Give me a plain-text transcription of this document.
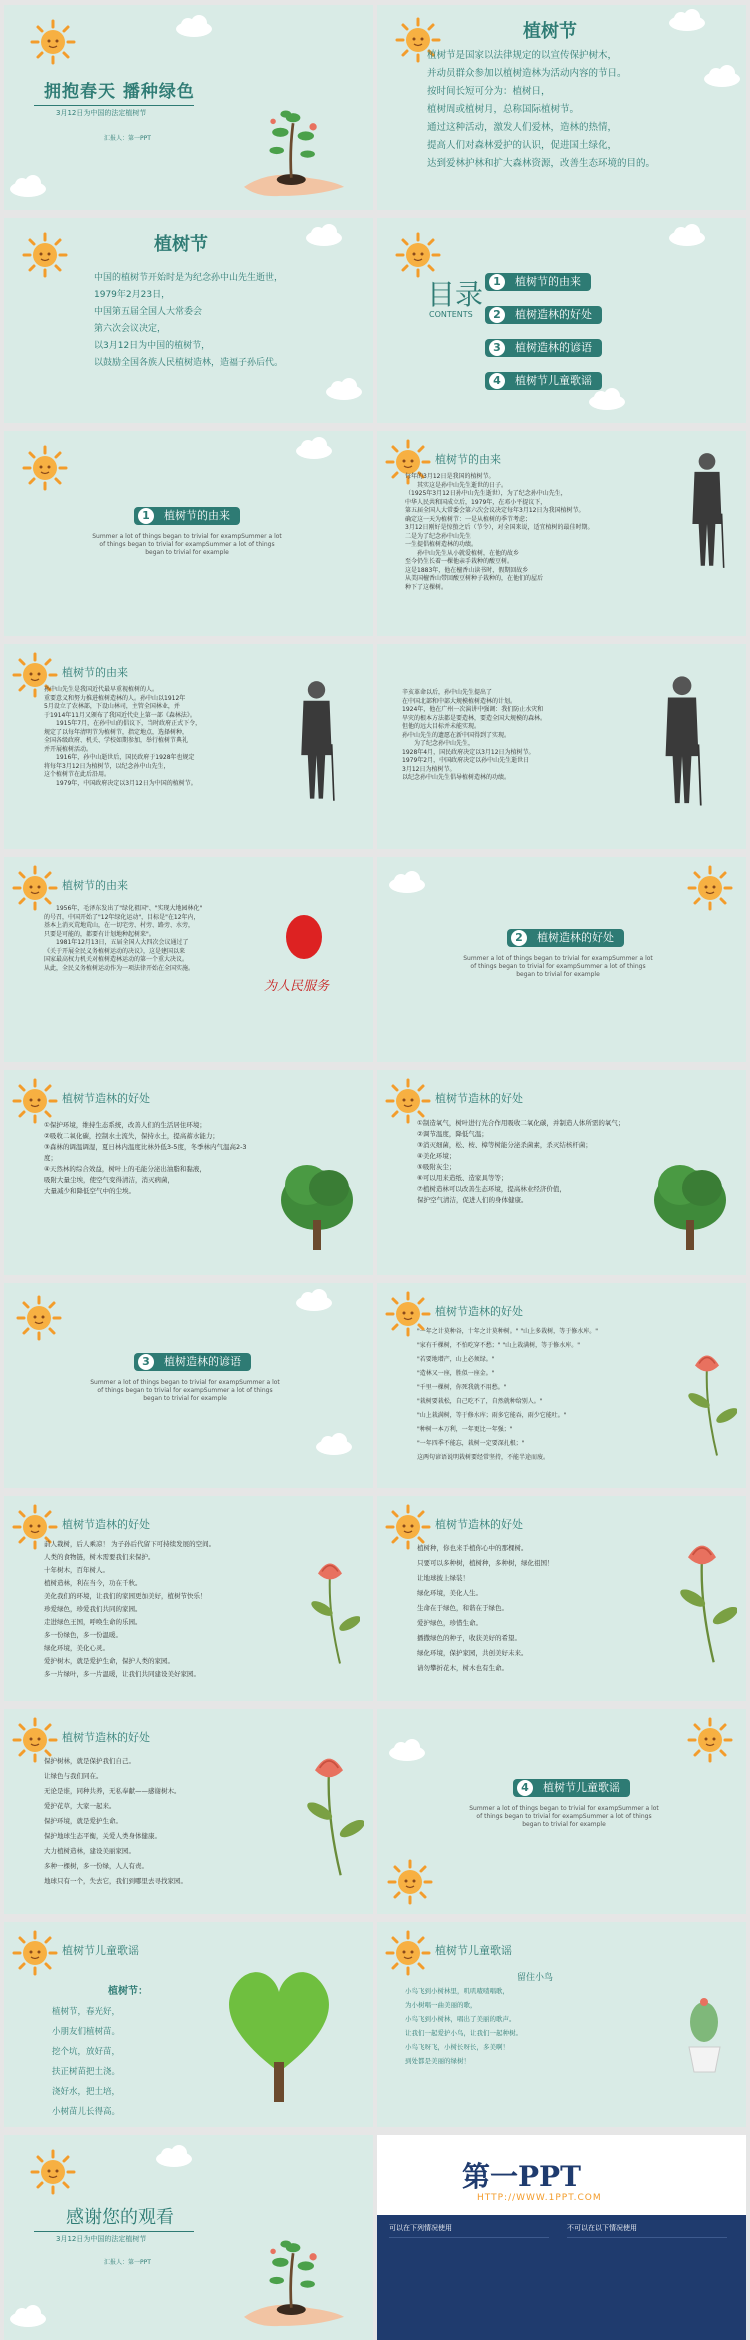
拥抱春天 播种绿色
3月12日为中国的法定植树节
汇报人：第一PPT
植树节
植树节是国家以法律规定的以宣传保护树木，
并动员群众参加以植树造林为活动内容的节日。
按时间长短可分为：植树日，
植树周或植树月，总称国际植树节。
通过这种活动，激发人们爱林，造林的热情，
提高人们对森林爱护的认识，促进国土绿化，
达到爱林护林和扩大森林资源，改善生态环境的目的。
植树节
中国的植树节开始时是为纪念孙中山先生逝世，
1979年2月23日，
中国第五届全国人大常委会
第六次会议决定，
以3月12日为中国的植树节，
以鼓励全国各族人民植树造林，造福子孙后代。
目录
CONTENTS
1	植树节的由来
2	植树造林的好处
3	植树造林的谚语
4	植树节儿童歌谣
1	植树节的由来
Summer a lot of things began to trivial for exampSummer a lot of things began to trivial for exampSummer a lot of things began to trivial for example
植树节的由来
每年的3月12日是我国的植树节。
　　其实这是孙中山先生逝世的日子。
（1925年3月12日孙中山先生逝世），为了纪念孙中山先生，
中华人民共和国成立后，1979年，在邓小平提议下，
第五届全国人大常委会第六次会议决定每年3月12日为我国植树节。
确定这一天为植树节：一是从植树的季节考虑；
3月12日刚好是惊蛰之后（节令），对全国来说，适宜植树的最佳时期。
二是为了纪念孙中山先生
一生提倡植树造林的功绩。
　　孙中山先生从小就爱植树，在他的故乡
至今仍生长着一棵他亲手栽种的酸豆树。
这是1883年，他在檀香山读书时，假期回故乡
从美国檀香山带回酸豆树种子栽种的，在他们的屋后
种下了这棵树。
植树节的由来
孙中山先生是我国近代最早重视植树的人。
重要意义和努力推进植树造林的人。孙中山以1912年
5月设立了农林部，下设山林司，主管全国林业，并
于1914年11月又颁布了我国近代史上第一部《森林法》。
　　1915年7月，在孙中山的倡议下，当时政府正式下令，
规定了以每年清明节为植树节，指定地点，选择树种，
全国各级政府、机关、学校如期参加，举行植树节典礼
并开展植树活动。
　　1916年，孙中山逝世后，国民政府于1928年也规定
将每年3月12日为植树节，以纪念孙中山先生，
这个植树节在此后沿用。
　　1979年，中国政府决定以3月12日为中国的植树节。
辛亥革命以后，孙中山先生提出了
在中国北部和中部大规模植树造林的计划。
1924年，他在广州一次演讲中强调：我们防止水灾和
旱灾的根本方法都是要造林，要造全国大规模的森林。
但他的远大目标并未能实现。
孙中山先生的遗愿在新中国得到了实现。
　　为了纪念孙中山先生，
1928年4月，国民政府决定以3月12日为植树节。
1979年2月，中国政府决定以孙中山先生逝世日
3月12日为植树节。
以纪念孙中山先生倡导植树造林的功绩。
植树节的由来
　　1956年，毛泽东发出了"绿化祖国"、"实现大地园林化"
的号召，中国开始了"12年绿化运动"，目标是"在12年内，
基本上消灭荒地荒山，在一切宅旁、村旁、路旁、水旁，
只要是可能的，都要有计划地种起树来"。
　　1981年12月13日，五届全国人大四次会议通过了
《关于开展全民义务植树运动的决议》，这是建国以来
国家最高权力机关对植树造林运动的第一个重大决议。
从此，全民义务植树运动作为一项法律开始在全国实施。
为人民服务
2	植树造林的好处
Summer a lot of things began to trivial for exampSummer a lot of things began to trivial for exampSummer a lot of things began to trivial for example
植树节造林的好处
①保护环境，维持生态系统，改善人们的生活居住环境；
②吸收二氧化碳，控制水土流失，保持水土，提高蓄水能力；
③森林的调温调湿，夏日林内温度比林外低3-5度，冬季林内气温高2-3度；
④天然林的综合效益，树叶上的毛能分泌出油脂和黏液，
吸附大量尘埃，使空气变得清洁，消灭病菌，
大量减少和降低空气中的尘埃。
植树节造林的好处
①制造氧气，树叶进行光合作用吸收二氧化碳，并制造人体所需的氧气；
②调节温度，降低气温；
③消灭细菌，松、桉、樟等树能分泌杀菌素，杀灭结核杆菌；
④美化环境；
⑤吸附灰尘；
⑥可以用来造纸、造家具等等；
⑦植树造林可以改善生态环境，提高林业经济价值，
保护空气清洁，促进人们的身体健康。
3	植树造林的谚语
Summer a lot of things began to trivial for exampSummer a lot of things began to trivial for exampSummer a lot of things began to trivial for example
植树节造林的好处
"一年之计莫种谷，十年之计莫种树。" "山上多栽树，等于修水库。"
"家有千棵树，不怕吃穿不愁；" "山上栽满树，等于修水库。"
"若要地增产，山上必须绿。"
"造林又一座，胜似一座金。"
"千里一棵树，你死我就不用愁。"
"栽树要栽松，自己吃不了，自然就种给别人。"
"山上栽满树，等于修水库；雨多它能吞，雨少它能吐。"
"种树一本万利，一年更比一年强；"
"一年四季不能忘，栽树一定要深扎根；"
这两句谚语说明栽树要经常坚持，不能半途而废。
植树节造林的好处
前人栽树，后人乘凉！ 为子孙后代留下可持续发展的空间。
人类的食物链，树木需要我们来保护。
十年树木，百年树人。
植树造林，利在当今，功在千秋。
美化我们的环境，让我们的家园更加美好，植树节快乐！
珍爱绿色，珍爱我们共同的家园。
走进绿色王国，呼唤生命的乐园。
多一份绿色，多一份温暖。
绿化环境，美化心灵。
爱护树木，就是爱护生命，保护人类的家园。
多一片绿叶，多一片温暖，让我们共同建设美好家园。
植树节造林的好处
植树种，你也来手植你心中的那棵树。
只要可以多种树，植树种，多种树，绿化祖国！
让地球披上绿装！
绿化环境，美化人生。
生命在于绿色，和谐在于绿色。
爱护绿色，珍惜生命。
播撒绿色的种子，收获美好的希望。
绿化环境，保护家园，共创美好未来。
请勿攀折花木，树木也有生命。
植树节造林的好处
保护树林，就是保护我们自己。
让绿色与我们同在。
无论是谁，同种共养，无私奉献——感谢树木。
爱护花草，大家一起来。
保护环境，就是爱护生命。
保护地球生态平衡，关爱人类身体健康。
大力植树造林，建设美丽家园。
多种一棵树，多一份绿，人人有责。
地球只有一个，失去它，我们到哪里去寻找家园。
4	植树节儿童歌谣
Summer a lot of things began to trivial for exampSummer a lot of things began to trivial for exampSummer a lot of things began to trivial for example
植树节儿童歌谣
植树节：
植树节，春光好，
小朋友们植树苗。
挖个坑，放好苗，
扶正树苗把土浇。
浇好水，把土培，
小树苗儿长得高。
植树节儿童歌谣
留住小鸟
小鸟飞到小树林里，叽叽喳喳唱歌，
为小树唱一曲美丽的歌，
小鸟飞到小树林，唱出了美丽的歌声。
让我们一起爱护小鸟，让我们一起种树。
小鸟飞呀飞，小树长呀长，多美啊！
到处都是美丽的绿树！
感谢您的观看
3月12日为中国的法定植树节
汇报人：第一PPT
第一PPT
HTTP://WWW.1PPT.COM
可以在下列情况使用	不可以在以下情况使用
